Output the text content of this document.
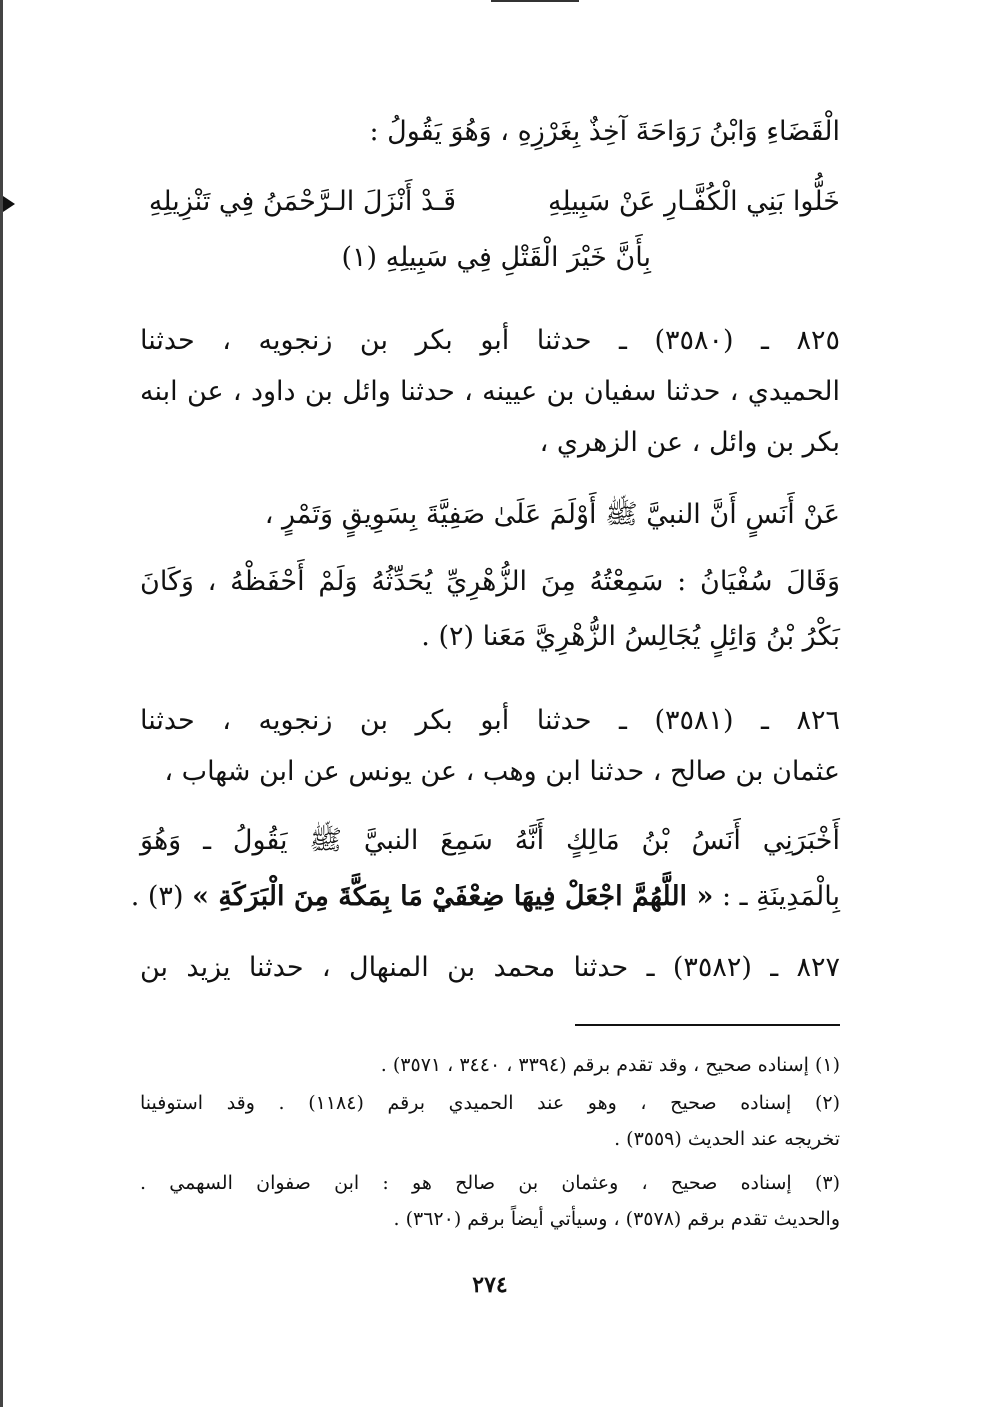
الْقَضَاءِ وَابْنُ رَوَاحَةَ آخِذٌ بِغَرْزِهِ ، وَهُوَ يَقُولُ :
خَلُّوا بَنِي الْكُفَّـارِ عَنْ سَبِيلِهِ
قَـدْ أَنْزَلَ الـرَّحْمَنُ فِي تَنْزِيلِهِ
بِأَنَّ خَيْرَ الْقَتْلِ فِي سَبِيلِهِ (١)
٨٢٥ ـ (٣٥٨٠) ـ حدثنا أبو بكر بن زنجويه ، حدثنا
الحميدي ، حدثنا سفيان بن عيينه ، حدثنا وائل بن داود ، عن ابنه
بكر بن وائل ، عن الزهري ،
عَنْ أَنَسٍ أَنَّ النبيَّ ﷺ أَوْلَمَ عَلَىٰ صَفِيَّةَ بِسَوِيقٍ وَتَمْرٍ ،
وَقَالَ سُفْيَانُ : سَمِعْتُهُ مِنَ الزُّهْرِيِّ يُحَدِّثُهُ وَلَمْ أَحْفَظْهُ ، وَكَانَ
بَكْرُ بْنُ وَائِلٍ يُجَالِسُ الزُّهْرِيَّ مَعَنا (٢) .
٨٢٦ ـ (٣٥٨١) ـ حدثنا أبو بكر بن زنجويه ، حدثنا
عثمان بن صالح ، حدثنا ابن وهب ، عن يونس عن ابن شهاب ،
أَخْبَرَنِي أَنَسُ بْنُ مَالِكٍ أَنَّهُ سَمِعَ النبيَّ ﷺ يَقُولُ ـ وَهُوَ
بِالْمَدِينَةِ ـ : « اللَّهُمَّ اجْعَلْ فِيهَا ضِعْفَيْ مَا بِمَكَّةَ مِنَ الْبَرَكَةِ » (٣) .
٨٢٧ ـ (٣٥٨٢) ـ حدثنا محمد بن المنهال ، حدثنا يزيد بن
(١) إسناده صحيح ، وقد تقدم برقم (٣٣٩٤ ، ٣٤٤٠ ، ٣٥٧١) .
(٢) إسناده صحيح ، وهو عند الحميدي برقم (١١٨٤) . وقد استوفينا
تخريجه عند الحديث (٣٥٥٩) .
(٣) إسناده صحيح ، وعثمان بن صالح هو : ابن صفوان السهمي .
والحديث تقدم برقم (٣٥٧٨) ، وسيأتي أيضاً برقم (٣٦٢٠) .
٢٧٤
